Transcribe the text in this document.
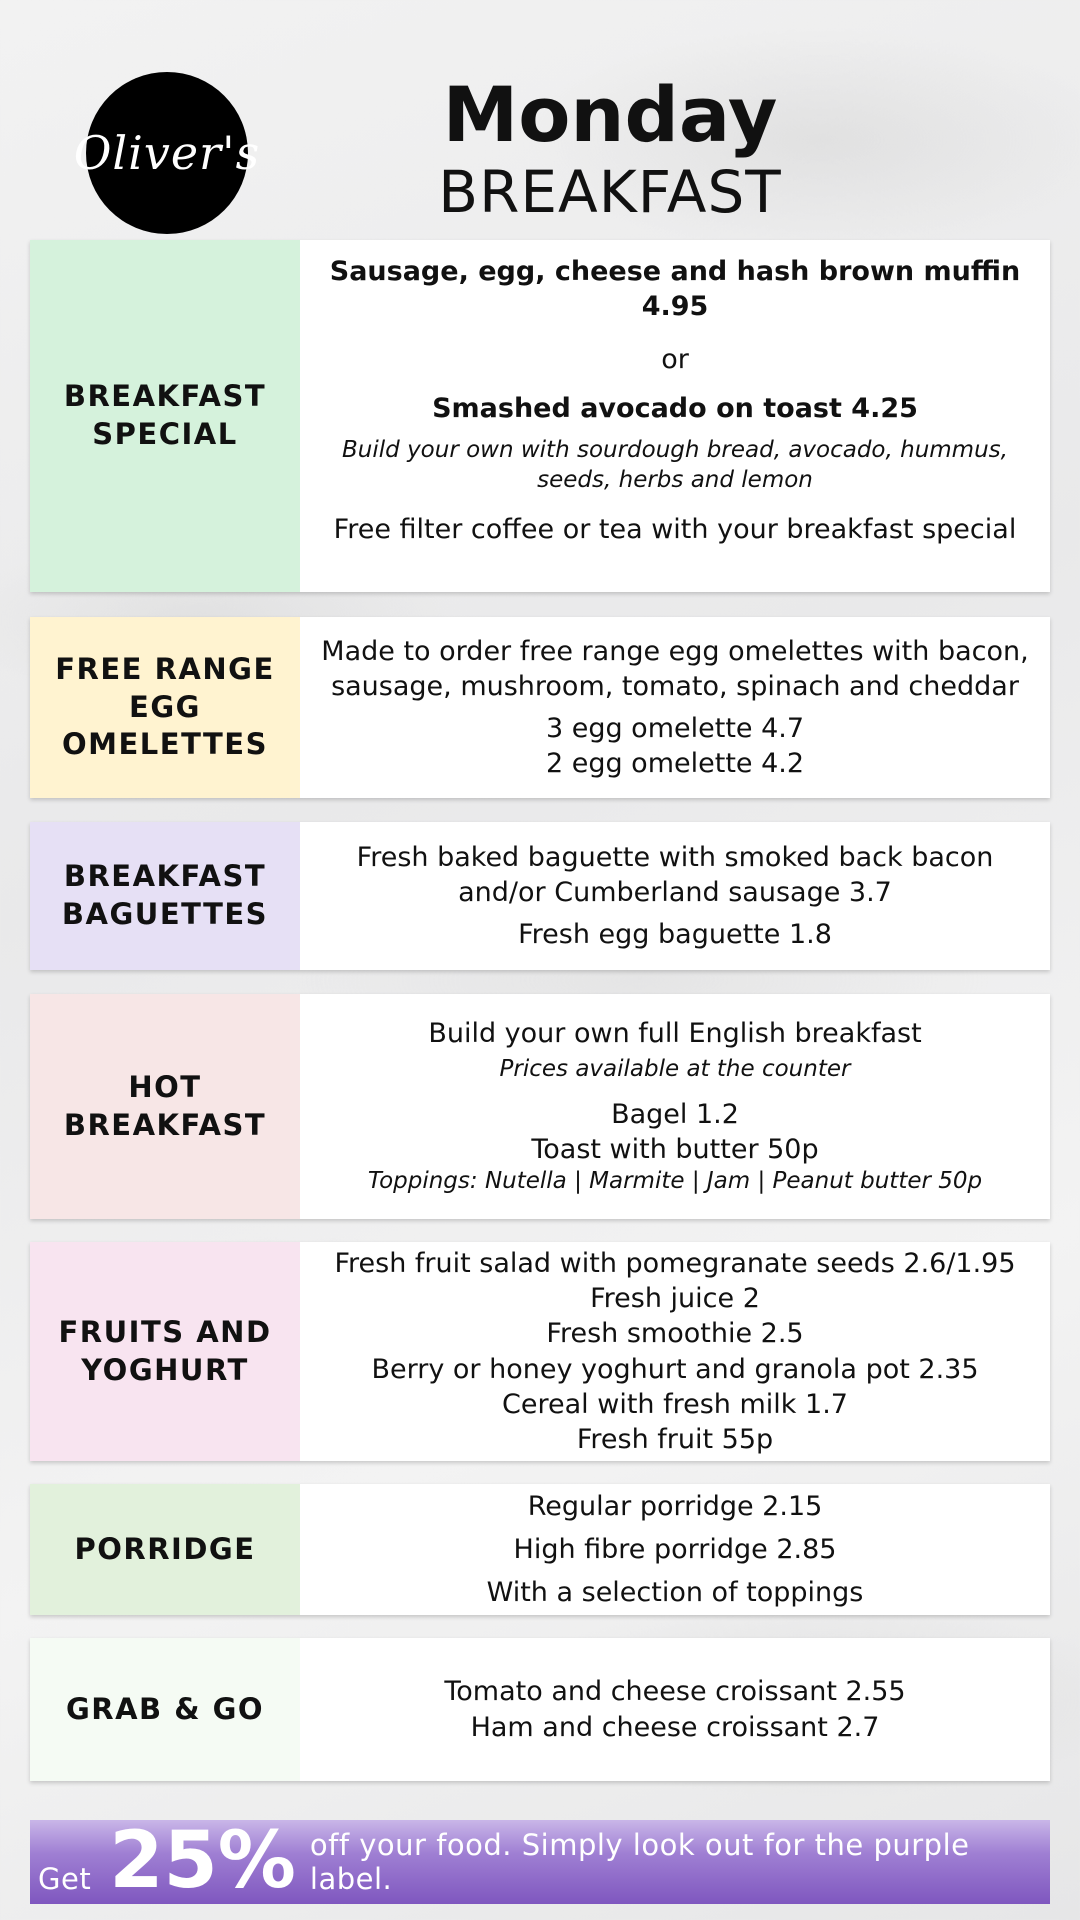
Oliver's	Monday
BREAKFAST
BREAKFAST
SPECIAL
Sausage, egg, cheese and hash brown muffin 4.95
or
Smashed avocado on toast 4.25
Build your own with sourdough bread, avocado, hummus, seeds, herbs and lemon
Free filter coffee or tea with your breakfast special
FREE RANGE
EGG
OMELETTES
Made to order free range egg omelettes with bacon, sausage, mushroom, tomato, spinach and cheddar
3 egg omelette 4.7
2 egg omelette 4.2
BREAKFAST
BAGUETTES
Fresh baked baguette with smoked back bacon and/or Cumberland sausage 3.7
Fresh egg baguette 1.8
HOT
BREAKFAST
Build your own full English breakfast
Prices available at the counter
Bagel 1.2
Toast with butter 50p
Toppings: Nutella | Marmite | Jam | Peanut butter 50p
FRUITS AND
YOGHURT
Fresh fruit salad with pomegranate seeds 2.6/1.95
Fresh juice 2
Fresh smoothie 2.5
Berry or honey yoghurt and granola pot 2.35
Cereal with fresh milk 1.7
Fresh fruit 55p
PORRIDGE
Regular porridge 2.15
High fibre porridge 2.85
With a selection of toppings
GRAB & GO	Tomato and cheese croissant 2.55
Ham and cheese croissant 2.7
Get 25% off your food. Simply look out for the purple label.
